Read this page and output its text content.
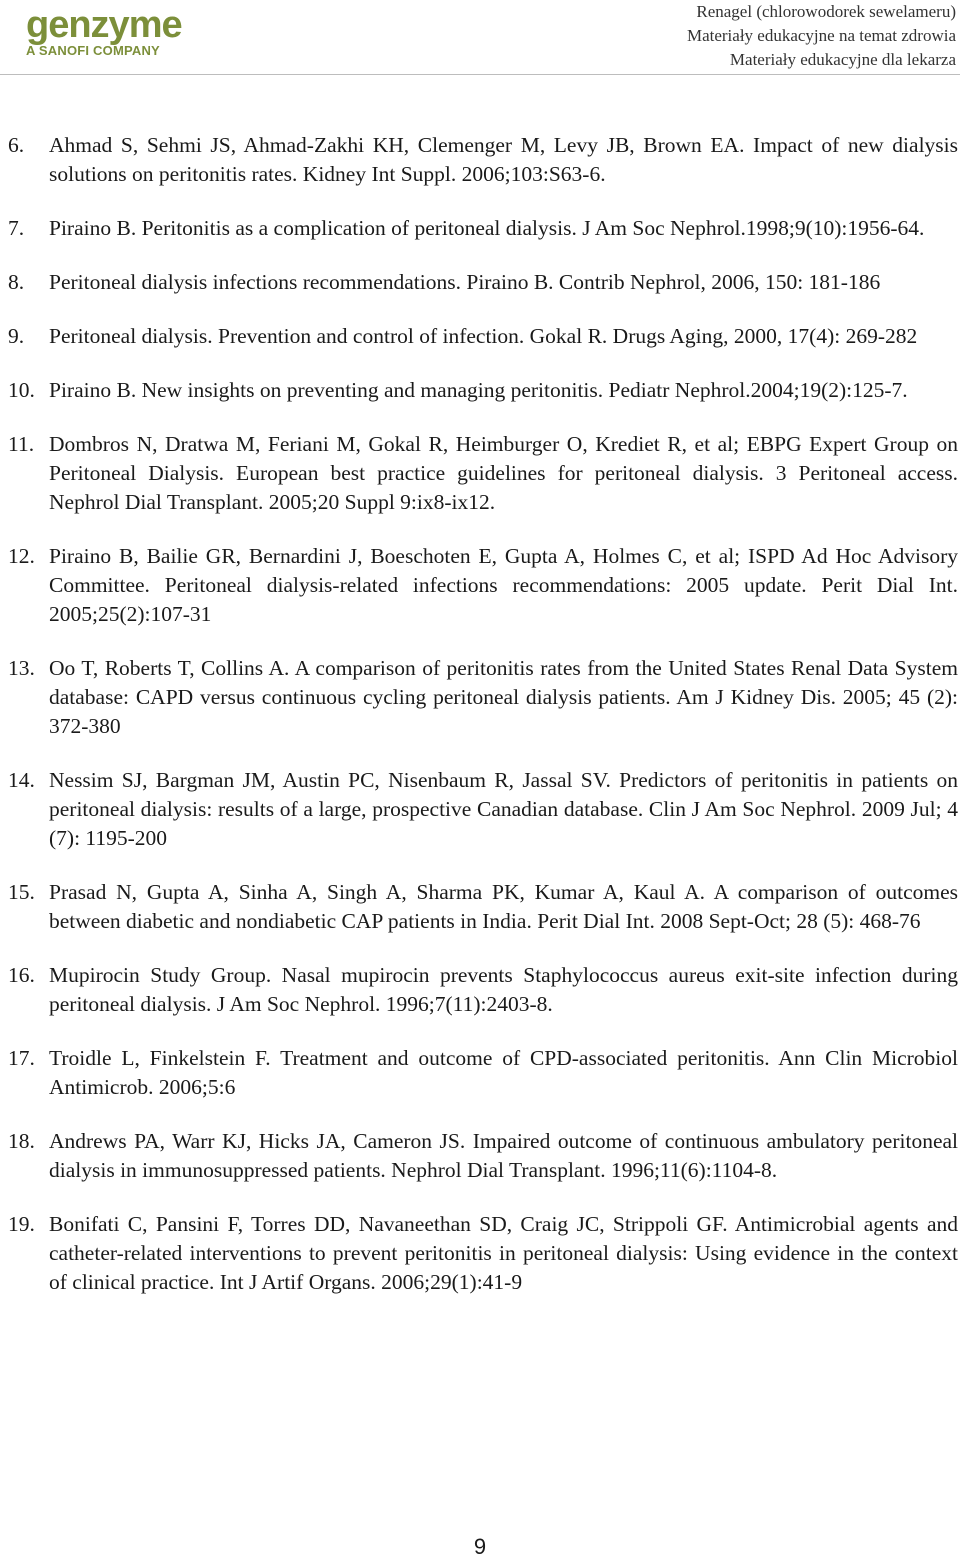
genzyme
A SANOFI COMPANY
Renagel (chlorowodorek sewelameru)
Materiały edukacyjne na temat zdrowia
Materiały edukacyjne dla lekarza
6. Ahmad S, Sehmi JS, Ahmad-Zakhi KH, Clemenger M, Levy JB, Brown EA. Impact of new dialysis solutions on peritonitis rates. Kidney Int Suppl. 2006;103:S63-6.
7. Piraino B. Peritonitis as a complication of peritoneal dialysis. J Am Soc Nephrol.1998;9(10):1956-64.
8. Peritoneal dialysis infections recommendations. Piraino B. Contrib Nephrol, 2006, 150: 181-186
9. Peritoneal dialysis. Prevention and control of infection. Gokal R. Drugs Aging, 2000, 17(4): 269-282
10. Piraino B. New insights on preventing and managing peritonitis. Pediatr Nephrol.2004;19(2):125-7.
11. Dombros N, Dratwa M, Feriani M, Gokal R, Heimburger O, Krediet R, et al; EBPG Expert Group on Peritoneal Dialysis. European best practice guidelines for peritoneal dialysis. 3 Peritoneal access. Nephrol Dial Transplant. 2005;20 Suppl 9:ix8-ix12.
12. Piraino B, Bailie GR, Bernardini J, Boeschoten E, Gupta A, Holmes C, et al; ISPD Ad Hoc Advisory Committee. Peritoneal dialysis-related infections recommendations: 2005 update. Perit Dial Int. 2005;25(2):107-31
13. Oo T, Roberts T, Collins A. A comparison of peritonitis rates from the United States Renal Data System database: CAPD versus continuous cycling peritoneal dialysis patients. Am J Kidney Dis. 2005; 45 (2): 372-380
14. Nessim SJ, Bargman JM, Austin PC, Nisenbaum R, Jassal SV. Predictors of peritonitis in patients on peritoneal dialysis: results of a large, prospective Canadian database. Clin J Am Soc Nephrol. 2009 Jul; 4 (7): 1195-200
15. Prasad N, Gupta A, Sinha A, Singh A, Sharma PK, Kumar A, Kaul A. A comparison of outcomes between diabetic and nondiabetic CAP patients in India. Perit Dial Int. 2008 Sept-Oct; 28 (5): 468-76
16. Mupirocin Study Group. Nasal mupirocin prevents Staphylococcus aureus exit-site infection during peritoneal dialysis. J Am Soc Nephrol. 1996;7(11):2403-8.
17. Troidle L, Finkelstein F. Treatment and outcome of CPD-associated peritonitis. Ann Clin Microbiol Antimicrob. 2006;5:6
18. Andrews PA, Warr KJ, Hicks JA, Cameron JS. Impaired outcome of continuous ambulatory peritoneal dialysis in immunosuppressed patients. Nephrol Dial Transplant. 1996;11(6):1104-8.
19. Bonifati C, Pansini F, Torres DD, Navaneethan SD, Craig JC, Strippoli GF. Antimicrobial agents and catheter-related interventions to prevent peritonitis in peritoneal dialysis: Using evidence in the context of clinical practice. Int J Artif Organs. 2006;29(1):41-9
9
